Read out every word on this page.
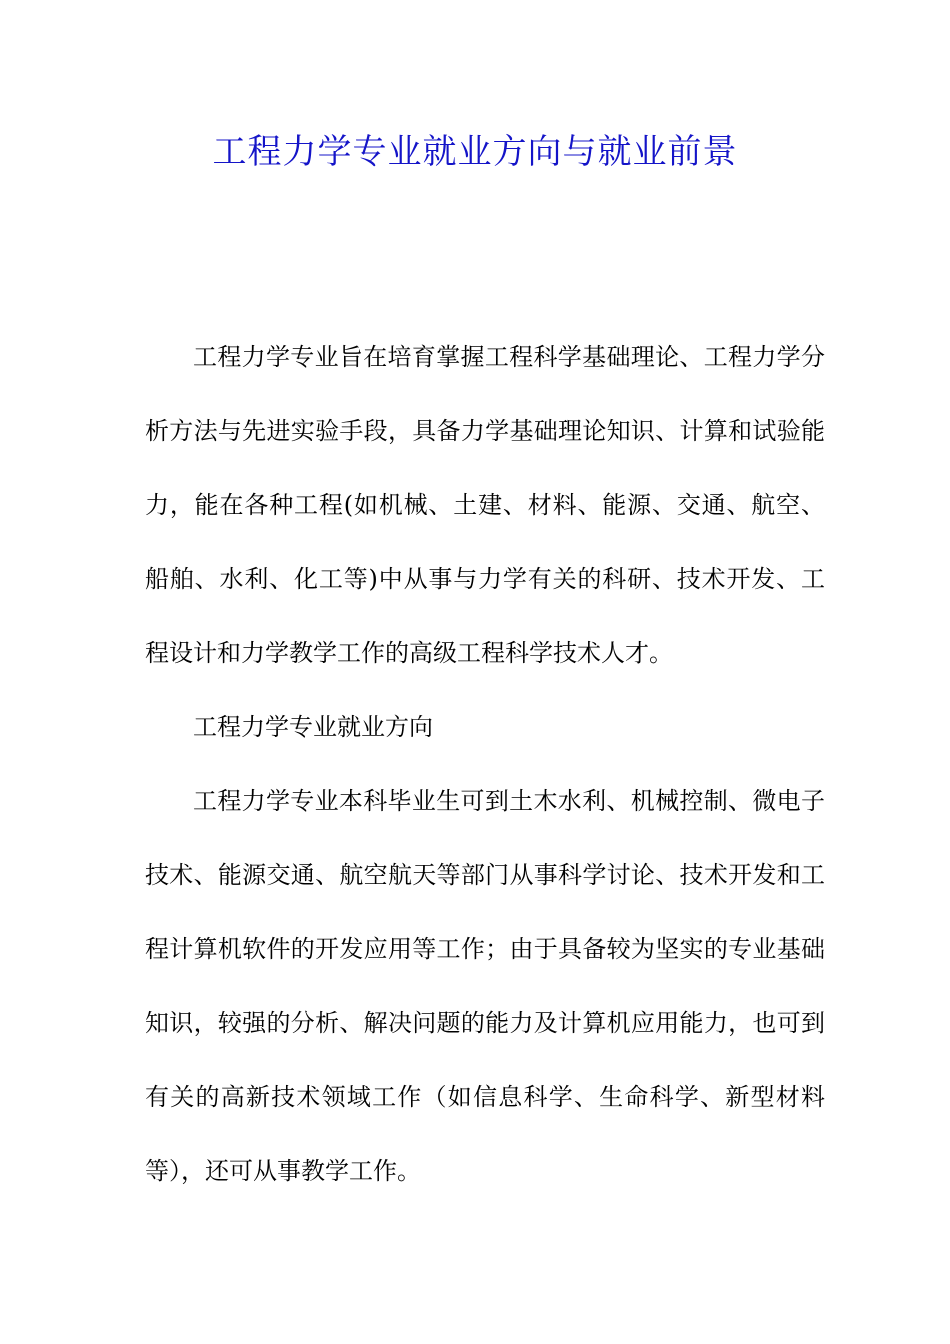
工程力学专业就业方向与就业前景

工程力学专业旨在培育掌握工程科学基础理论、工程力学分析方法与先进实验手段，具备力学基础理论知识、计算和试验能力，能在各种工程(如机械、土建、材料、能源、交通、航空、船舶、水利、化工等)中从事与力学有关的科研、技术开发、工程设计和力学教学工作的高级工程科学技术人才。

工程力学专业就业方向

工程力学专业本科毕业生可到土木水利、机械控制、微电子技术、能源交通、航空航天等部门从事科学讨论、技术开发和工程计算机软件的开发应用等工作；由于具备较为坚实的专业基础知识，较强的分析、解决问题的能力及计算机应用能力，也可到有关的高新技术领域工作（如信息科学、生命科学、新型材料等），还可从事教学工作。
